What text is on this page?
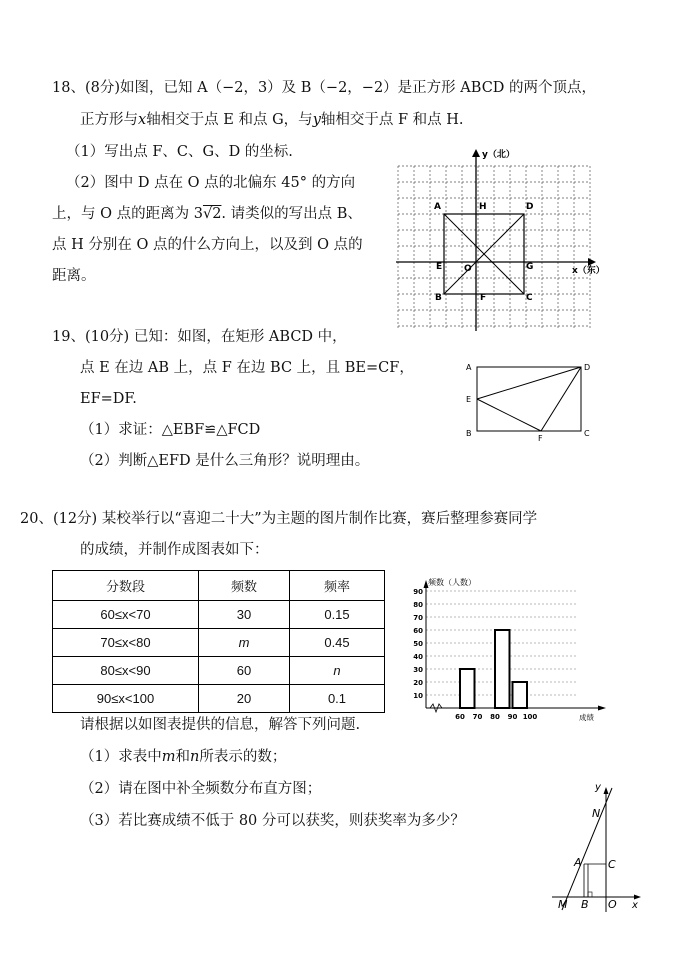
18、(8分)如图，已知 A（−2，3）及 B（−2，−2）是正方形 ABCD 的两个顶点，
正方形与x轴相交于点 E 和点 G，与y轴相交于点 F 和点 H.
（1）写出点 F、C、G、D 的坐标.
（2）图中 D 点在 O 点的北偏东 45° 的方向
上，与 O 点的距离为 3√2. 请类似的写出点 B、
点 H 分别在 O 点的什么方向上，以及到 O 点的
距离。
y（北）
x（东）
A	H	D
E O	G
B	F	C
19、(10分) 已知：如图，在矩形 ABCD 中，
点 E 在边 AB 上，点 F 在边 BC 上，且 BE=CF，
EF=DF.
（1）求证：△EBF≌△FCD
（2）判断△EFD 是什么三角形？说明理由。
A	D
E
B
F
C
20、(12分) 某校举行以“喜迎二十大”为主题的图片制作比赛，赛后整理参赛同学
的成绩，并制作成图表如下：
分数段	频数	频率
60≤x<70	30	0.15
70≤x<80	m	0.45
80≤x<90	60	n
90≤x<100	20	0.1
频数（人数）
成绩
10
20
30
40
50
60
70
80
90
60 70 80 90 100
请根据以如图表提供的信息，解答下列问题.
（1）求表中m和n所表示的数；
（2）请在图中补全频数分布直方图；
（3）若比赛成绩不低于 80 分可以获奖，则获奖率为多少？
y
N
A C
M B O x
